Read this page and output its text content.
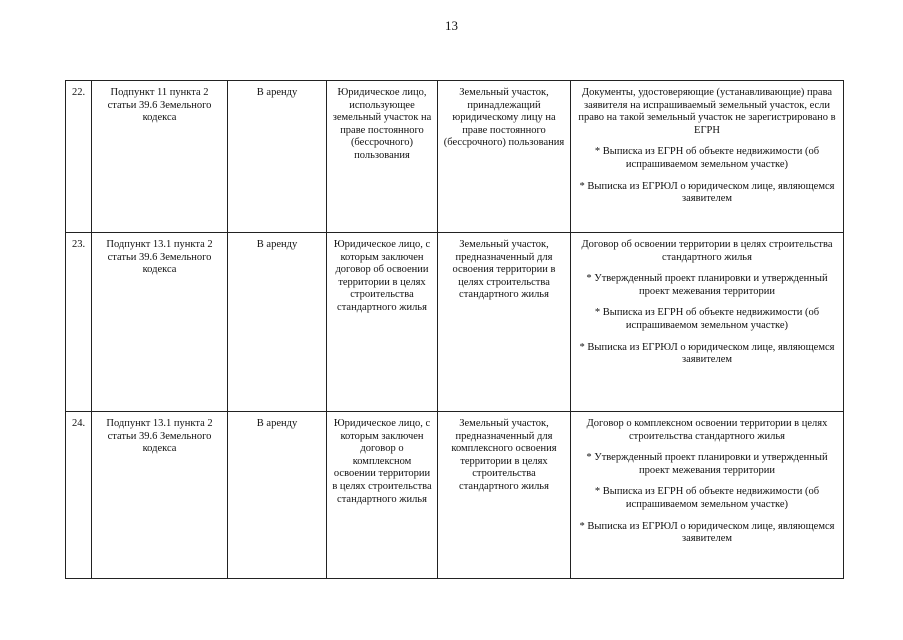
13
22.	Подпункт 11 пункта 2 статьи 39.6 Земельного кодекса	В аренду	Юридическое лицо, использующее земельный участок на праве постоянного (бессрочного) пользования	Земельный участок, принадлежащий юридическому лицу на праве постоянного (бессрочного) пользования	Документы, удостоверяющие (устанавливающие) права заявителя на испрашиваемый земельный участок, если право на такой земельный участок не зарегистрировано в ЕГРН
* Выписка из ЕГРН об объекте недвижимости (об испрашиваемом земельном участке)
* Выписка из ЕГРЮЛ о юридическом лице, являющемся заявителем

23.	Подпункт 13.1 пункта 2 статьи 39.6 Земельного кодекса	В аренду	Юридическое лицо, с которым заключен договор об освоении территории в целях строительства стандартного жилья	Земельный участок, предназначенный для освоения территории в целях строительства стандартного жилья	Договор об освоении территории в целях строительства стандартного жилья
* Утвержденный проект планировки и утвержденный проект межевания территории
* Выписка из ЕГРН об объекте недвижимости (об испрашиваемом земельном участке)
* Выписка из ЕГРЮЛ о юридическом лице, являющемся заявителем

24.	Подпункт 13.1 пункта 2 статьи 39.6 Земельного кодекса	В аренду	Юридическое лицо, с которым заключен договор о комплексном освоении территории в целях строительства стандартного жилья	Земельный участок, предназначенный для комплексного освоения территории в целях строительства стандартного жилья	Договор о комплексном освоении территории в целях строительства стандартного жилья
* Утвержденный проект планировки и утвержденный проект межевания территории
* Выписка из ЕГРН об объекте недвижимости (об испрашиваемом земельном участке)
* Выписка из ЕГРЮЛ о юридическом лице, являющемся заявителем
